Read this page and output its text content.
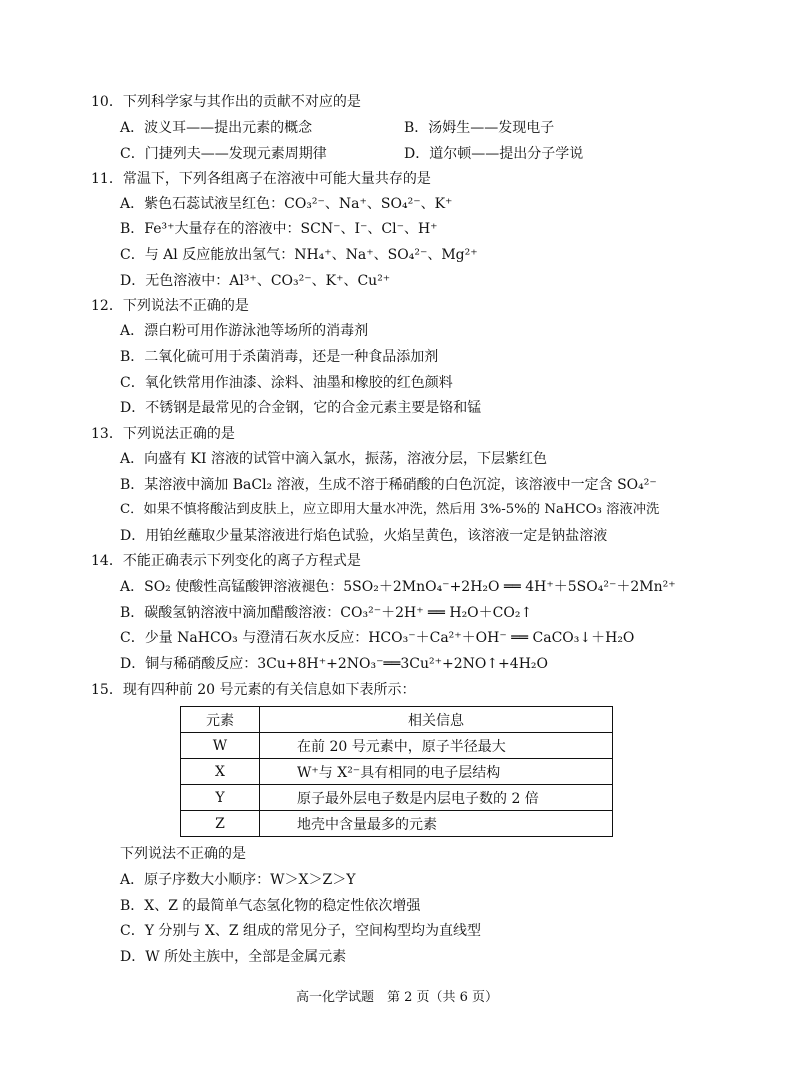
10．下列科学家与其作出的贡献不对应的是
A．波义耳——提出元素的概念	B．汤姆生——发现电子
C．门捷列夫——发现元素周期律	D．道尔顿——提出分子学说
11．常温下，下列各组离子在溶液中可能大量共存的是
A．紫色石蕊试液呈红色：CO₃²⁻、Na⁺、SO₄²⁻、K⁺
B．Fe³⁺大量存在的溶液中：SCN⁻、I⁻、Cl⁻、H⁺
C．与 Al 反应能放出氢气：NH₄⁺、Na⁺、SO₄²⁻、Mg²⁺
D．无色溶液中：Al³⁺、CO₃²⁻、K⁺、Cu²⁺
12．下列说法不正确的是
A．漂白粉可用作游泳池等场所的消毒剂
B．二氧化硫可用于杀菌消毒，还是一种食品添加剂
C．氧化铁常用作油漆、涂料、油墨和橡胶的红色颜料
D．不锈钢是最常见的合金钢，它的合金元素主要是铬和锰
13．下列说法正确的是
A．向盛有 KI 溶液的试管中滴入氯水，振荡，溶液分层，下层紫红色
B．某溶液中滴加 BaCl₂ 溶液，生成不溶于稀硝酸的白色沉淀，该溶液中一定含 SO₄²⁻
C．如果不慎将酸沾到皮肤上，应立即用大量水冲洗，然后用 3%-5%的 NaHCO₃ 溶液冲洗
D．用铂丝蘸取少量某溶液进行焰色试验，火焰呈黄色，该溶液一定是钠盐溶液
14．不能正确表示下列变化的离子方程式是
A．SO₂ 使酸性高锰酸钾溶液褪色：5SO₂＋2MnO₄⁻+2H₂O ══ 4H⁺＋5SO₄²⁻＋2Mn²⁺
B．碳酸氢钠溶液中滴加醋酸溶液：CO₃²⁻＋2H⁺ ══ H₂O＋CO₂↑
C．少量 NaHCO₃ 与澄清石灰水反应：HCO₃⁻＋Ca²⁺＋OH⁻ ══ CaCO₃↓＋H₂O
D．铜与稀硝酸反应：3Cu+8H⁺+2NO₃⁻══3Cu²⁺+2NO↑+4H₂O
15．现有四种前 20 号元素的有关信息如下表所示：
元素	相关信息
W	在前 20 号元素中，原子半径最大
X	W⁺与 X²⁻具有相同的电子层结构
Y	原子最外层电子数是内层电子数的 2 倍
Z	地壳中含量最多的元素
下列说法不正确的是
A．原子序数大小顺序：W＞X＞Z＞Y
B．X、Z 的最简单气态氢化物的稳定性依次增强
C．Y 分别与 X、Z 组成的常见分子，空间构型均为直线型
D．W 所处主族中，全部是金属元素
高一化学试题　第 2 页（共 6 页）
